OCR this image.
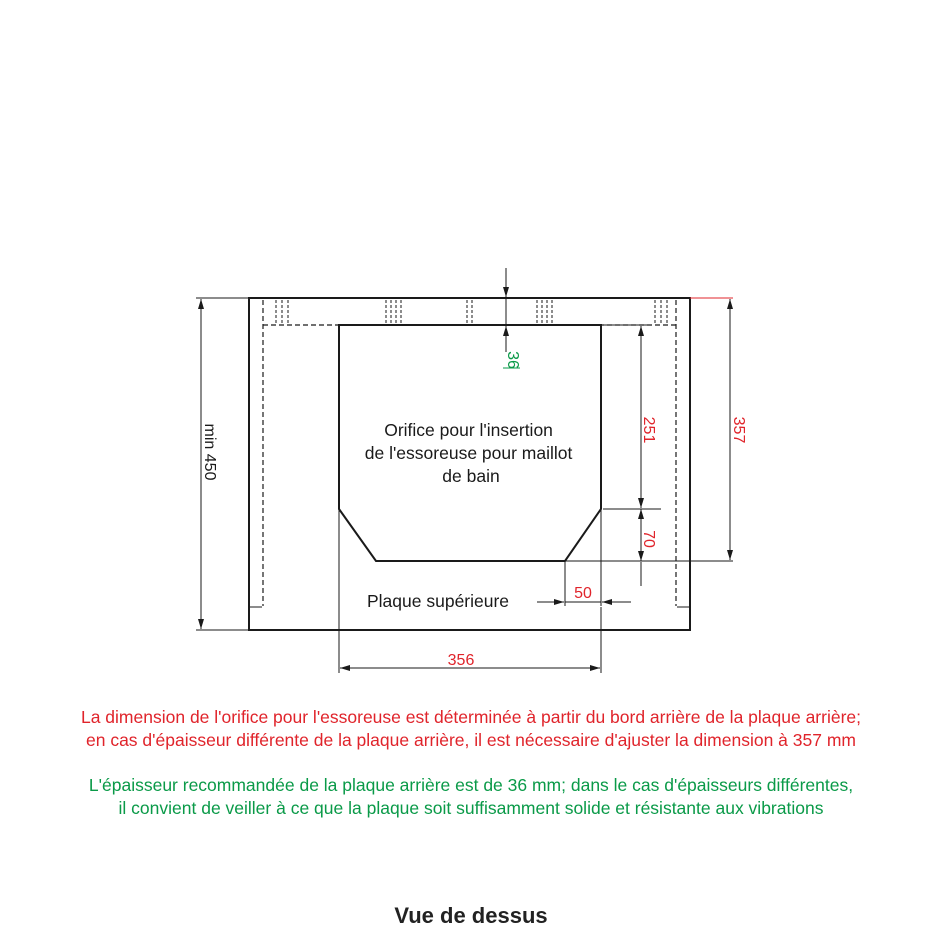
Orifice pour l'insertion de l'essoreuse pour maillot de bain
min 450
36
251
70
357
50
Plaque supérieure
356
La dimension de l'orifice pour l'essoreuse est déterminée à partir du bord arrière de la plaque arrière;
en cas d'épaisseur différente de la plaque arrière, il est nécessaire d'ajuster la dimension à 357 mm
L'épaisseur recommandée de la plaque arrière est de 36 mm; dans le cas d'épaisseurs différentes,
il convient de veiller à ce que la plaque soit suffisamment solide et résistante aux vibrations
Vue de dessus
